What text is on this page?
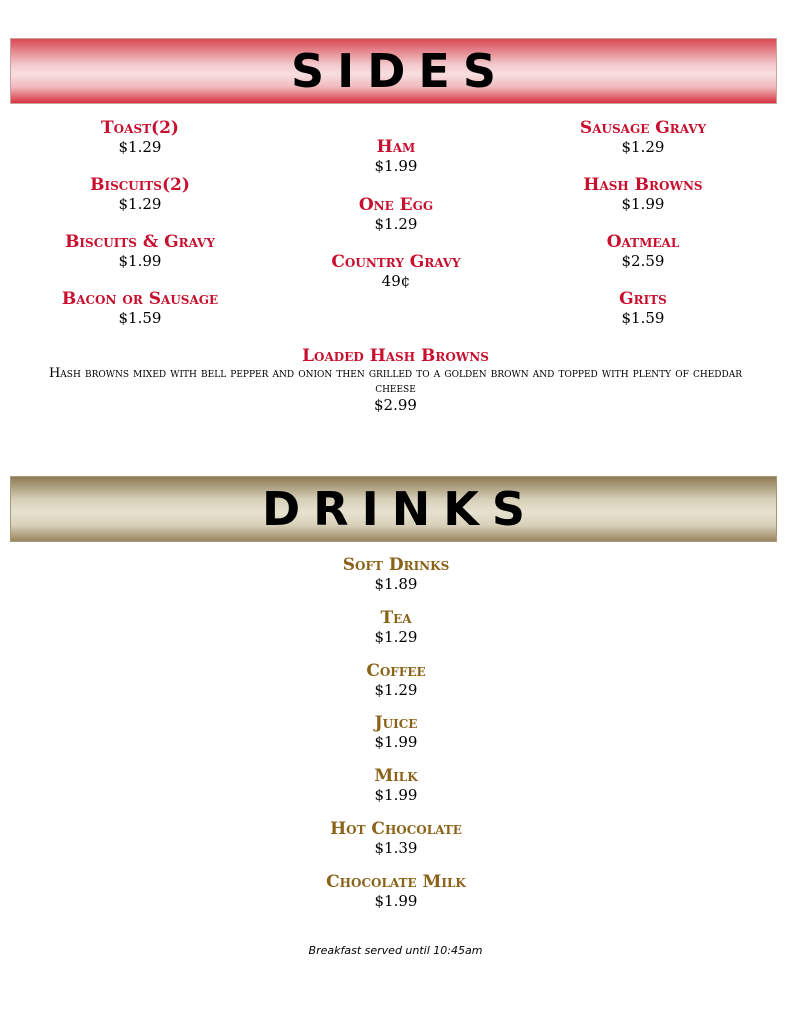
SIDES
Toast(2)
$1.29
Biscuits(2)
$1.29
Biscuits & Gravy
$1.99
Bacon or Sausage
$1.59
Ham
$1.99
One Egg
$1.29
Country Gravy
49¢
Sausage Gravy
$1.29
Hash Browns
$1.99
Oatmeal
$2.59
Grits
$1.59
Loaded Hash Browns
Hash browns mixed with bell pepper and onion then grilled to a golden brown and topped with plenty of cheddar cheese
$2.99
DRINKS
Soft Drinks
$1.89
Tea
$1.29
Coffee
$1.29
Juice
$1.99
Milk
$1.99
Hot Chocolate
$1.39
Chocolate Milk
$1.99
Breakfast served until 10:45am
